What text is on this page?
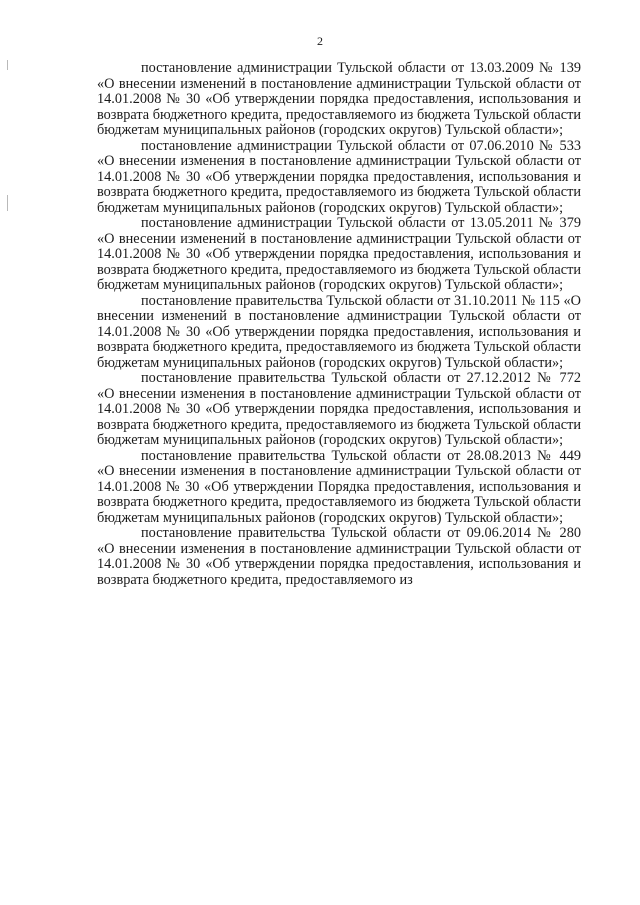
2

постановление администрации Тульской области от 13.03.2009 № 139 «О внесении изменений в постановление администрации Тульской области от 14.01.2008 № 30 «Об утверждении порядка предоставления, использования и возврата бюджетного кредита, предоставляемого из бюджета Тульской области бюджетам муниципальных районов (городских округов) Тульской области»;

постановление администрации Тульской области от 07.06.2010 № 533 «О внесении изменения в постановление администрации Тульской области от 14.01.2008 № 30 «Об утверждении порядка предоставления, использования и возврата бюджетного кредита, предоставляемого из бюджета Тульской области бюджетам муниципальных районов (городских округов) Тульской области»;

постановление администрации Тульской области от 13.05.2011 № 379 «О внесении изменений в постановление администрации Тульской области от 14.01.2008 № 30 «Об утверждении порядка предоставления, использования и возврата бюджетного кредита, предоставляемого из бюджета Тульской области бюджетам муниципальных районов (городских округов) Тульской области»;

постановление правительства Тульской области от 31.10.2011 № 115 «О внесении изменений в постановление администрации Тульской области от 14.01.2008 № 30 «Об утверждении порядка предоставления, использования и возврата бюджетного кредита, предоставляемого из бюджета Тульской области бюджетам муниципальных районов (городских округов) Тульской области»;

постановление правительства Тульской области от 27.12.2012 № 772 «О внесении изменения в постановление администрации Тульской области от 14.01.2008 № 30 «Об утверждении порядка предоставления, использования и возврата бюджетного кредита, предоставляемого из бюджета Тульской области бюджетам муниципальных районов (городских округов) Тульской области»;

постановление правительства Тульской области от 28.08.2013 № 449 «О внесении изменения в постановление администрации Тульской области от 14.01.2008 № 30 «Об утверждении Порядка предоставления, использования и возврата бюджетного кредита, предоставляемого из бюджета Тульской области бюджетам муниципальных районов (городских округов) Тульской области»;

постановление правительства Тульской области от 09.06.2014 № 280 «О внесении изменения в постановление администрации Тульской области от 14.01.2008 № 30 «Об утверждении порядка предоставления, использования и возврата бюджетного кредита, предоставляемого из
